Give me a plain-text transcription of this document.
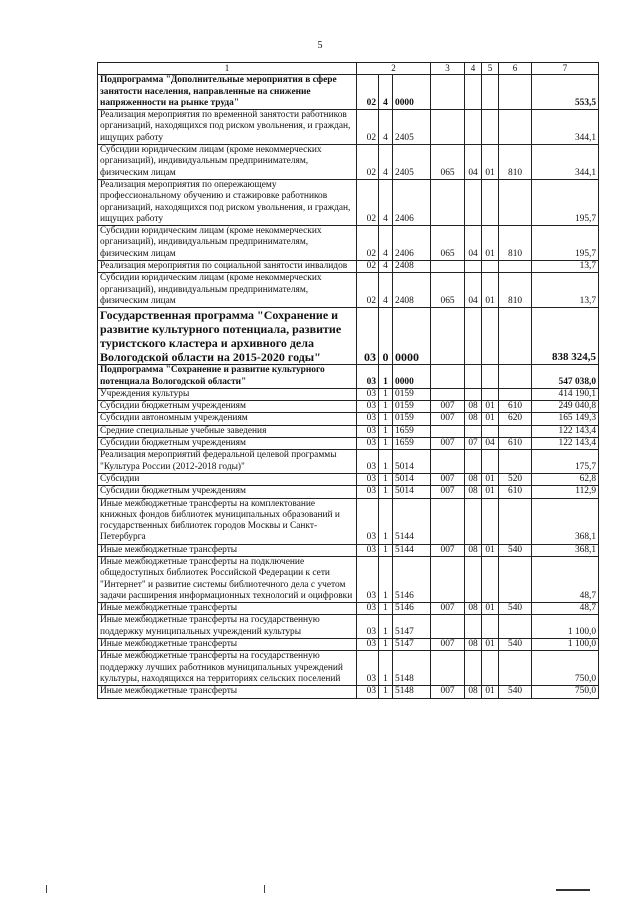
5
1	2			3	4	5	6	7
Подпрограмма "Дополнительные мероприятия в сфере занятости населения, направленные на снижение напряженности на рынке труда"	02	4	0000					553,5
Реализация мероприятия по временной занятости работников организаций, находящихся под риском увольнения, и граждан, ищущих работу	02	4	2405					344,1
Субсидии юридическим лицам (кроме некоммерческих организаций), индивидуальным предпринимателям, физическим лицам	02	4	2405	065	04	01	810	344,1
Реализация мероприятия по опережающему профессиональному обучению и стажировке работников организаций, находящихся под риском увольнения, и граждан, ищущих работу	02	4	2406					195,7
Субсидии юридическим лицам (кроме некоммерческих организаций), индивидуальным предпринимателям, физическим лицам	02	4	2406	065	04	01	810	195,7
Реализация мероприятия по социальной занятости инвалидов	02	4	2408					13,7
Субсидии юридическим лицам (кроме некоммерческих организаций), индивидуальным предпринимателям, физическим лицам	02	4	2408	065	04	01	810	13,7
Государственная программа "Сохранение и развитие культурного потенциала, развитие туристского кластера и архивного дела Вологодской области на 2015-2020 годы"	03	0	0000					838 324,5
Подпрограмма "Сохранение и развитие культурного потенциала Вологодской области"	03	1	0000					547 038,0
Учреждения культуры	03	1	0159					414 190,1
Субсидии бюджетным учреждениям	03	1	0159	007	08	01	610	249 040,8
Субсидии автономным учреждениям	03	1	0159	007	08	01	620	165 149,3
Средние специальные учебные заведения	03	1	1659					122 143,4
Субсидии бюджетным учреждениям	03	1	1659	007	07	04	610	122 143,4
Реализация мероприятий федеральной целевой программы "Культура России (2012-2018 годы)"	03	1	5014					175,7
Субсидии	03	1	5014	007	08	01	520	62,8
Субсидии бюджетным учреждениям	03	1	5014	007	08	01	610	112,9
Иные межбюджетные трансферты на комплектование книжных фондов библиотек муниципальных образований и государственных библиотек городов Москвы и Санкт-Петербурга	03	1	5144					368,1
Иные межбюджетные трансферты	03	1	5144	007	08	01	540	368,1
Иные межбюджетные трансферты на подключение общедоступных библиотек Российской Федерации к сети "Интернет" и развитие системы библиотечного дела с учетом задачи расширения информационных технологий и оцифровки	03	1	5146					48,7
Иные межбюджетные трансферты	03	1	5146	007	08	01	540	48,7
Иные межбюджетные трансферты на государственную поддержку муниципальных учреждений культуры	03	1	5147					1 100,0
Иные межбюджетные трансферты	03	1	5147	007	08	01	540	1 100,0
Иные межбюджетные трансферты на государственную поддержку лучших работников муниципальных учреждений культуры, находящихся на территориях сельских поселений	03	1	5148					750,0
Иные межбюджетные трансферты	03	1	5148	007	08	01	540	750,0
